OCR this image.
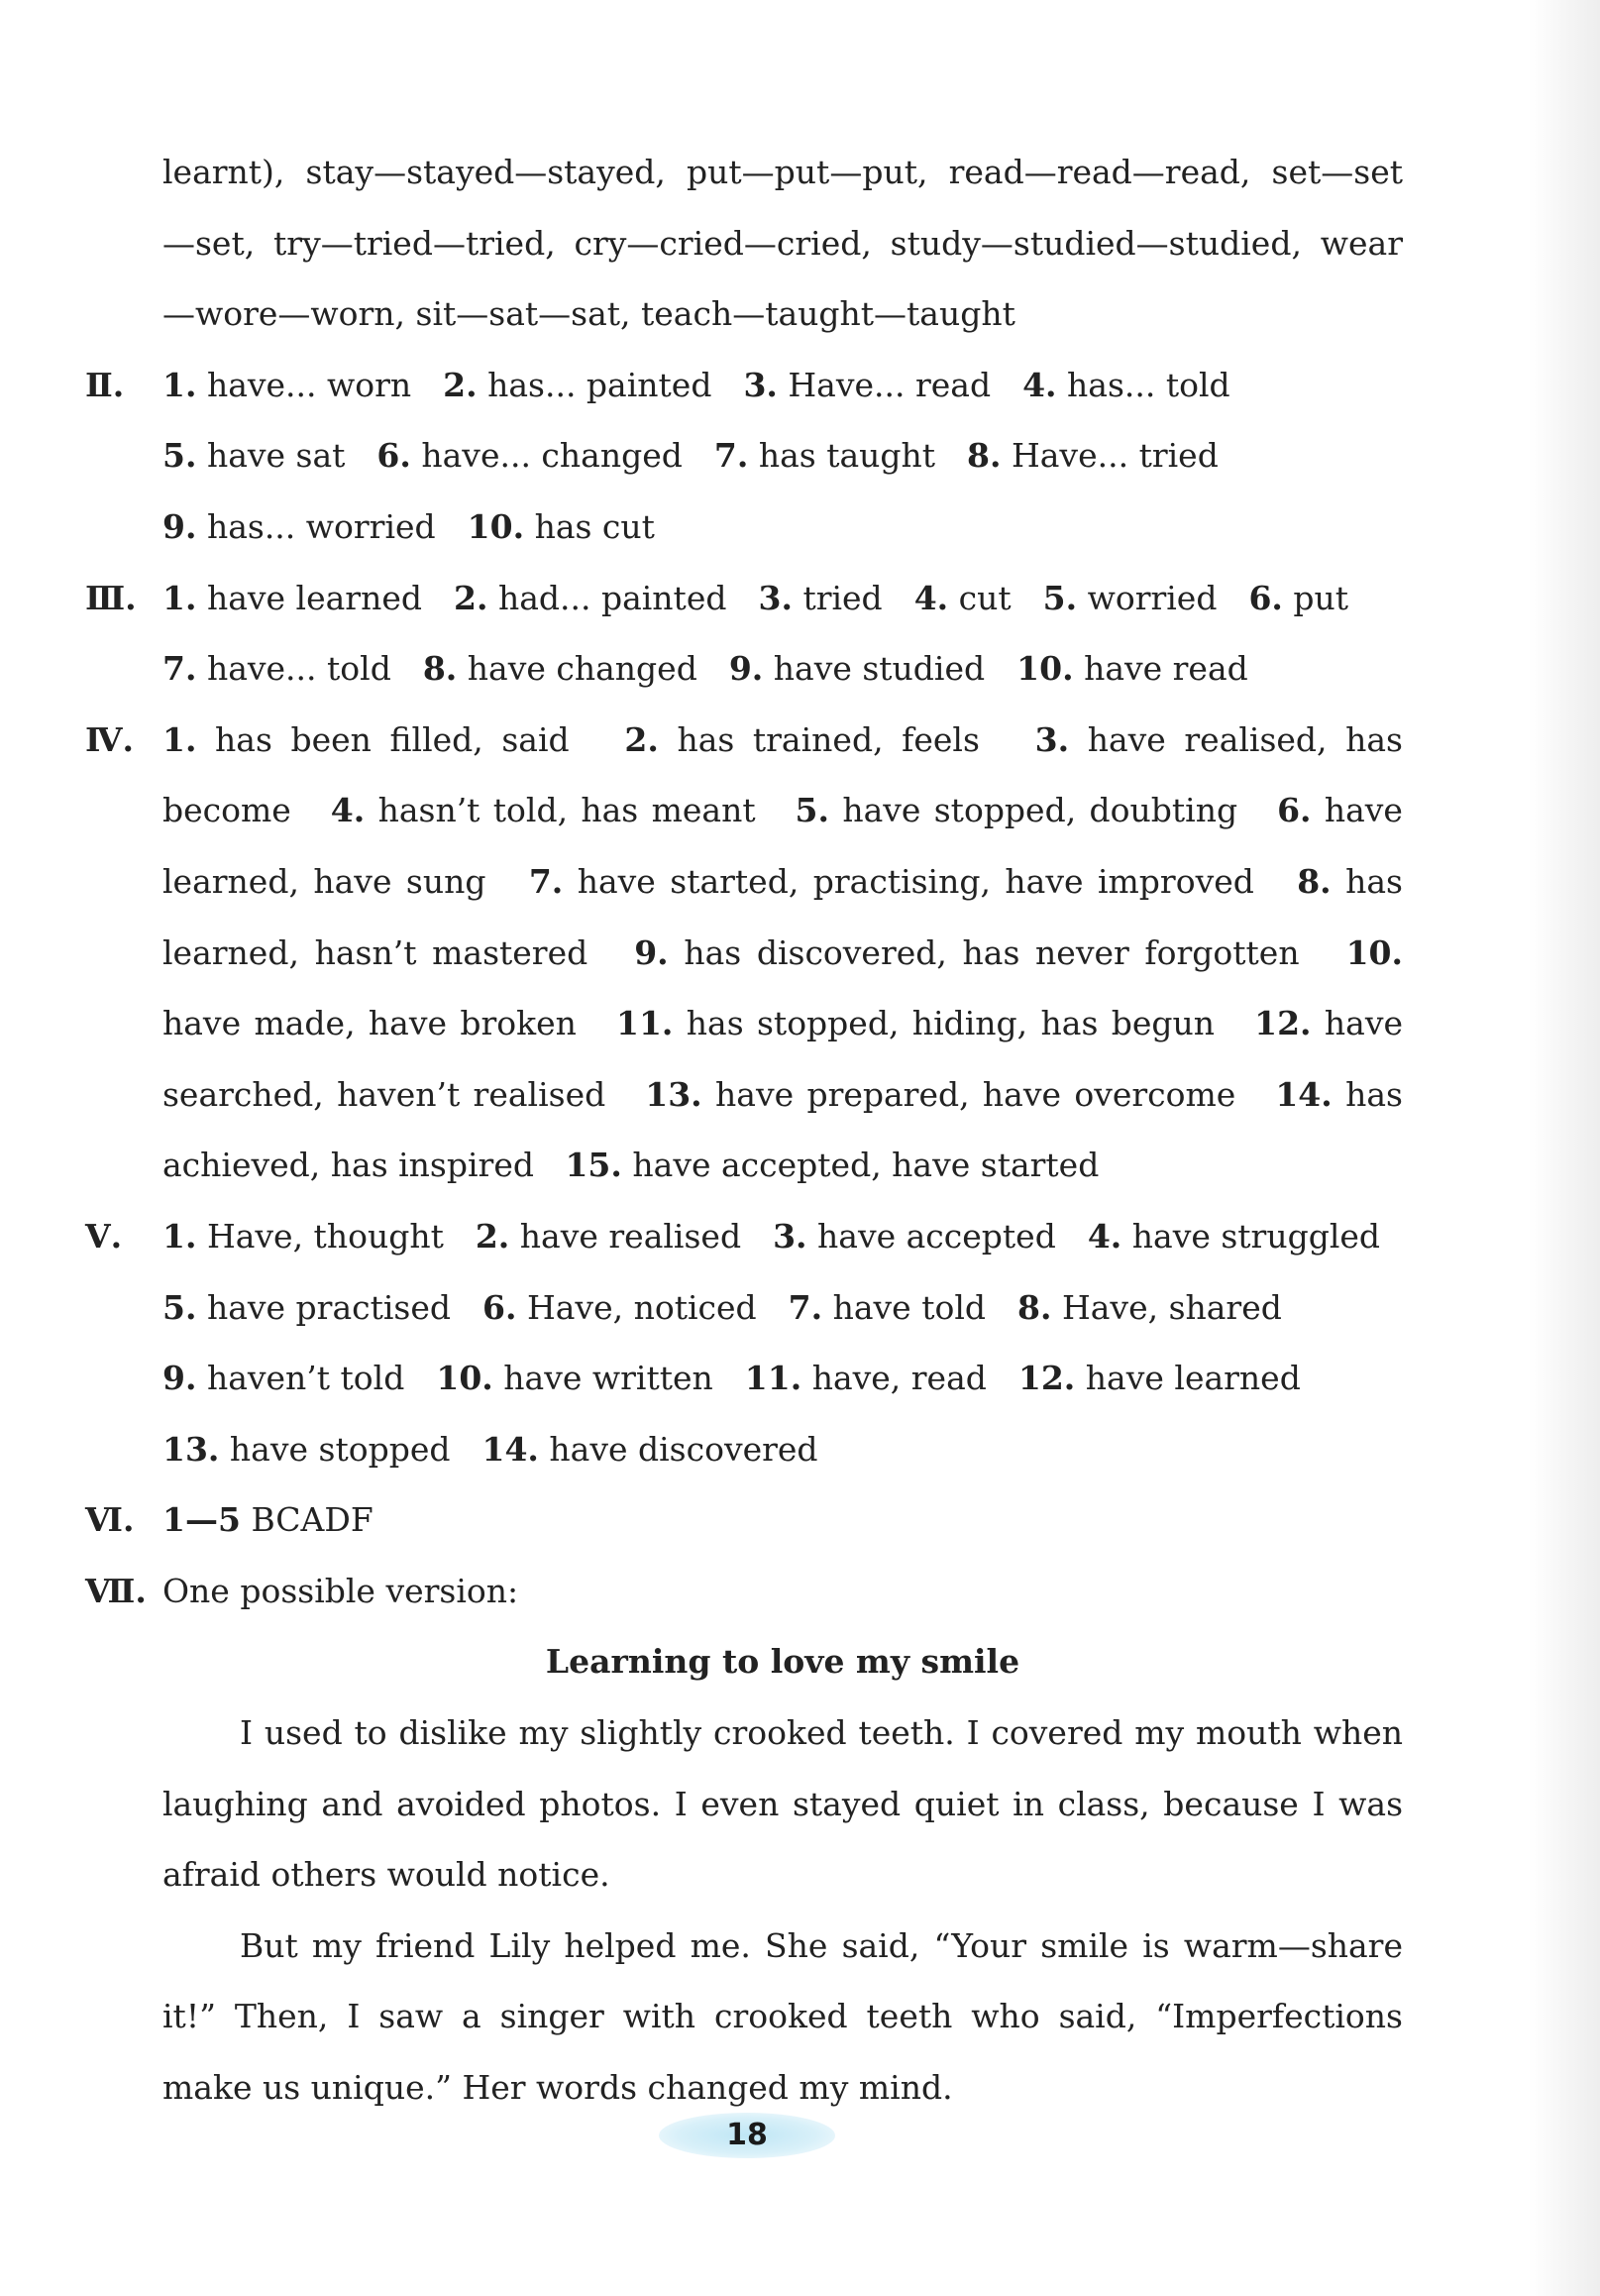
learnt), stay—stayed—stayed, put—put—put, read—read—read, set—set
—set, try—tried—tried, cry—cried—cried, study—studied—studied, wear
—wore—worn, sit—sat—sat, teach—taught—taught
Ⅱ. 1. have... worn 2. has... painted 3. Have... read 4. has... told
5. have sat 6. have... changed 7. has taught 8. Have... tried
9. has... worried 10. has cut
Ⅲ. 1. have learned 2. had... painted 3. tried 4. cut 5. worried 6. put
7. have... told 8. have changed 9. have studied 10. have read
Ⅳ. 1. has been filled, said 2. has trained, feels 3. have realised, has become 4. hasn’t told, has meant 5. have stopped, doubting 6. have learned, have sung 7. have started, practising, have improved 8. has learned, hasn’t mastered 9. has discovered, has never forgotten 10. have made, have broken 11. has stopped, hiding, has begun 12. have searched, haven’t realised 13. have prepared, have overcome 14. has achieved, has inspired 15. have accepted, have started

Ⅴ. 1. Have, thought 2. have realised 3. have accepted 4. have struggled
5. have practised 6. Have, noticed 7. have told 8. Have, shared
9. haven’t told 10. have written 11. have, read 12. have learned
13. have stopped 14. have discovered
Ⅵ. 1—5 BCADF
Ⅶ. One possible version:
Learning to love my smile

I used to dislike my slightly crooked teeth. I covered my mouth when laughing and avoided photos. I even stayed quiet in class, because I was afraid others would notice.

But my friend Lily helped me. She said, “Your smile is warm—share it!” Then, I saw a singer with crooked teeth who said, “Imperfections make us unique.” Her words changed my mind.

18
